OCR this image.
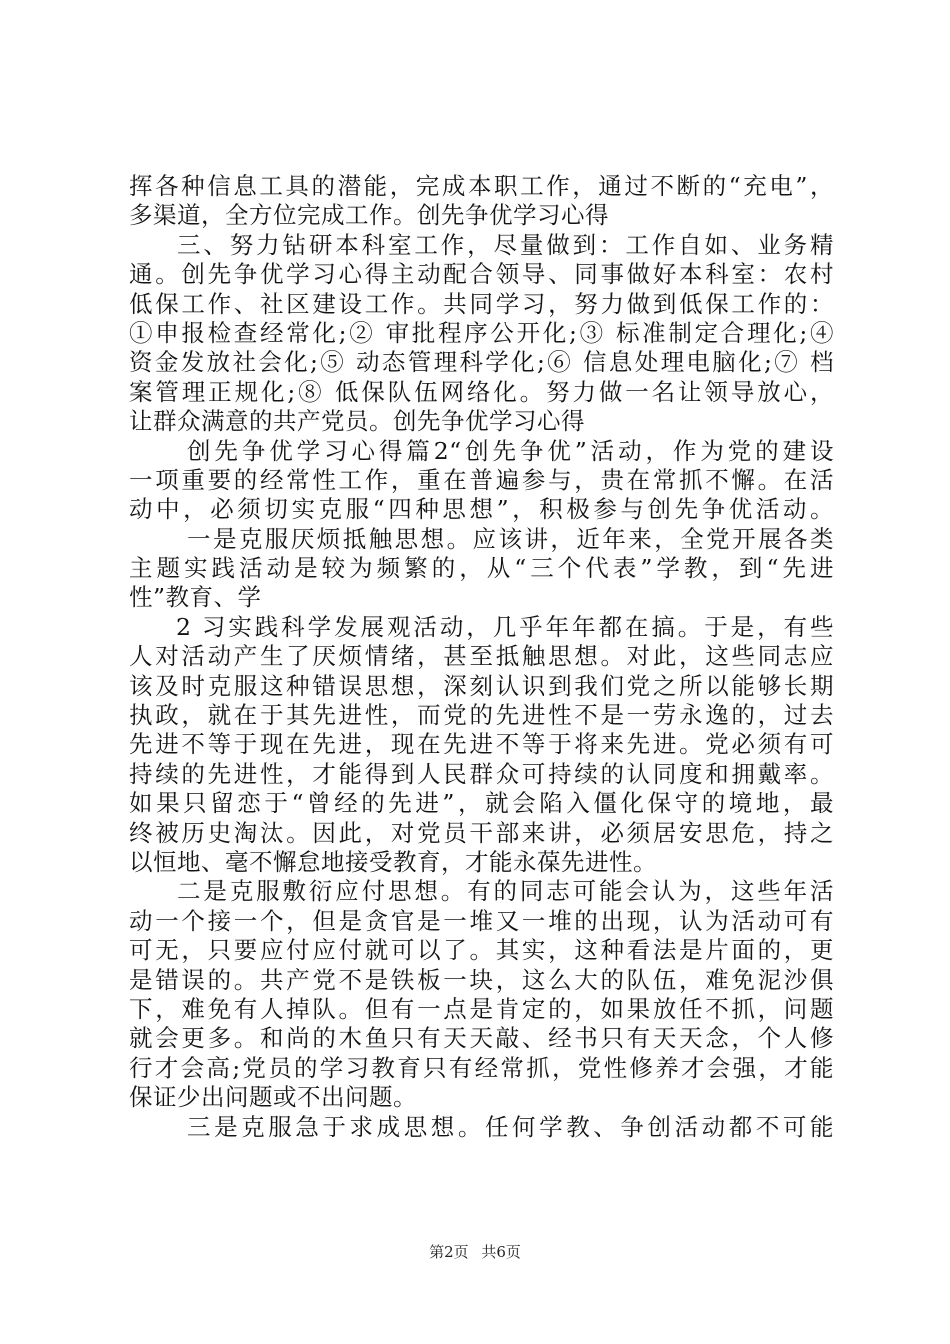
挥各种信息工具的潜能，完成本职工作，通过不断的“充电”，
多渠道，全方位完成工作。创先争优学习心得
三、努力钻研本科室工作，尽量做到：工作自如、业务精
通。创先争优学习心得主动配合领导、同事做好本科室：农村
低保工作、社区建设工作。共同学习，努力做到低保工作的：
①申报检查经常化;② 审批程序公开化;③ 标准制定合理化;④
资金发放社会化;⑤ 动态管理科学化;⑥ 信息处理电脑化;⑦ 档
案管理正规化;⑧ 低保队伍网络化。努力做一名让领导放心，
让群众满意的共产党员。创先争优学习心得
创先争优学习心得篇2“创先争优”活动，作为党的建设
一项重要的经常性工作，重在普遍参与，贵在常抓不懈。在活
动中，必须切实克服“四种思想”，积极参与创先争优活动。
一是克服厌烦抵触思想。应该讲，近年来，全党开展各类
主题实践活动是较为频繁的，从“三个代表”学教，到“先进
性”教育、学
2 习实践科学发展观活动，几乎年年都在搞。于是，有些
人对活动产生了厌烦情绪，甚至抵触思想。对此，这些同志应
该及时克服这种错误思想，深刻认识到我们党之所以能够长期
执政，就在于其先进性，而党的先进性不是一劳永逸的，过去
先进不等于现在先进，现在先进不等于将来先进。党必须有可
持续的先进性，才能得到人民群众可持续的认同度和拥戴率。
如果只留恋于“曾经的先进”，就会陷入僵化保守的境地，最
终被历史淘汰。因此，对党员干部来讲，必须居安思危，持之
以恒地、毫不懈怠地接受教育，才能永葆先进性。
二是克服敷衍应付思想。有的同志可能会认为，这些年活
动一个接一个，但是贪官是一堆又一堆的出现，认为活动可有
可无，只要应付应付就可以了。其实，这种看法是片面的，更
是错误的。共产党不是铁板一块，这么大的队伍，难免泥沙俱
下，难免有人掉队。但有一点是肯定的，如果放任不抓，问题
就会更多。和尚的木鱼只有天天敲、经书只有天天念，个人修
行才会高;党员的学习教育只有经常抓，党性修养才会强，才能
保证少出问题或不出问题。
三是克服急于求成思想。任何学教、争创活动都不可能
第2页 共6页
